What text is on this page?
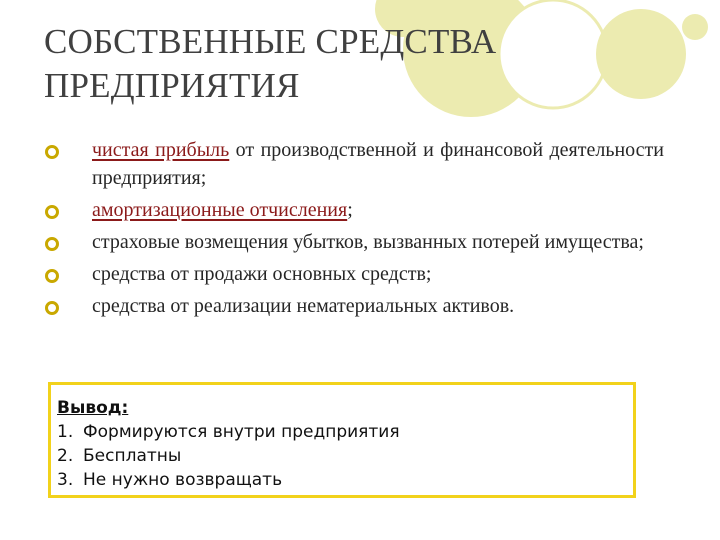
СОБСТВЕННЫЕ СРЕДСТВА
ПРЕДПРИЯТИЯ
чистая прибыль от производственной и финансовой деятельности предприятия;
амортизационные отчисления;
страховые возмещения убытков, вызванных потерей имущества;
средства от продажи основных средств;
средства от реализации нематериальных активов.
Вывод:
1. Формируются внутри предприятия
2. Бесплатны
3. Не нужно возвращать
